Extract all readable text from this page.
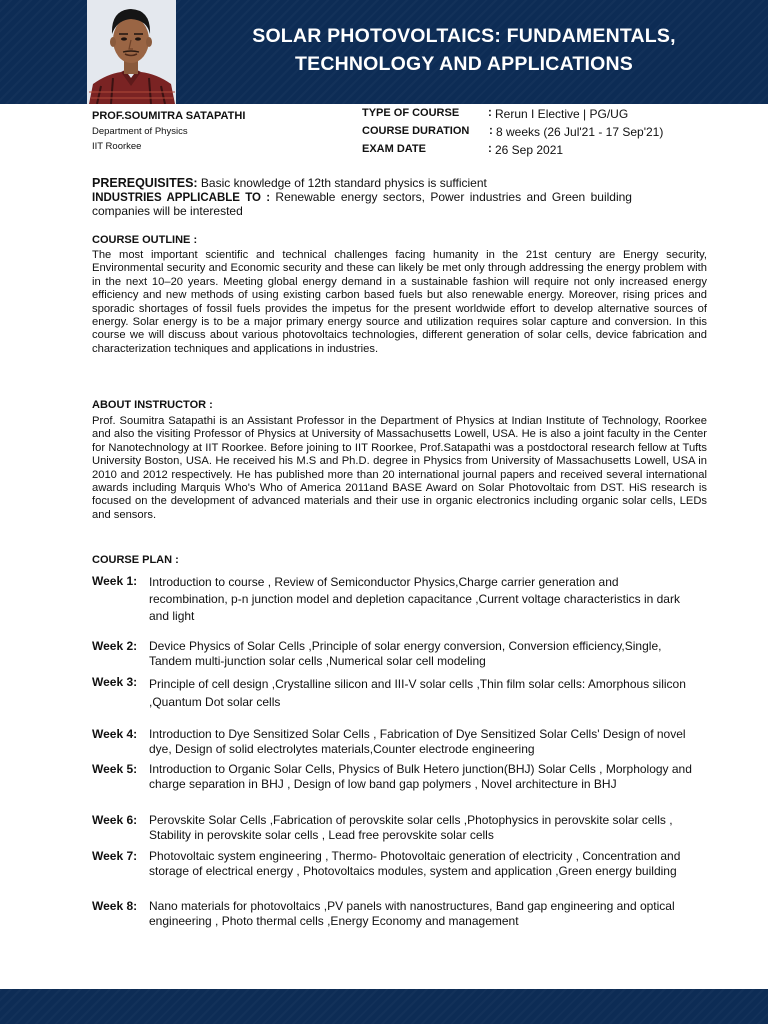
SOLAR PHOTOVOLTAICS: FUNDAMENTALS,
TECHNOLOGY AND APPLICATIONS
PROF.SOUMITRA SATAPATHI
Department of Physics
IIT Roorkee
TYPE OF COURSE	: Rerun I Elective | PG/UG
COURSE DURATION : 8 weeks (26 Jul'21 - 17 Sep'21)
EXAM DATE	: 26 Sep 2021
PREREQUISITES: Basic knowledge of 12th standard physics is sufficient
INDUSTRIES APPLICABLE TO : Renewable energy sectors, Power industries and Green building companies will be interested
COURSE OUTLINE :
The most important scientific and technical challenges facing humanity in the 21st century are Energy security, Environmental security and Economic security and these can likely be met only through addressing the energy problem with in the next 10–20 years. Meeting global energy demand in a sustainable fashion will require not only increased energy efficiency and new methods of using existing carbon based fuels but also renewable energy. Moreover, rising prices and sporadic shortages of fossil fuels provides the impetus for the present worldwide effort to develop alternative sources of energy. Solar energy is to be a major primary energy source and utilization requires solar capture and conversion. In this course we will discuss about various photovoltaics technologies, different generation of solar cells, device fabrication and characterization techniques and applications in industries.
ABOUT INSTRUCTOR :
Prof. Soumitra Satapathi is an Assistant Professor in the Department of Physics at Indian Institute of Technology, Roorkee and also the visiting Professor of Physics at University of Massachusetts Lowell, USA. He is also a joint faculty in the Center for Nanotechnology at IIT Roorkee. Before joining to IIT Roorkee, Prof.Satapathi was a postdoctoral research fellow at Tufts University Boston, USA. He received his M.S and Ph.D. degree in Physics from University of Massachusetts Lowell, USA in 2010 and 2012 respectively. He has published more than 20 international journal papers and received several international awards including Marquis Who's Who of America 2011and BASE Award on Solar Photovoltaic from DST. HiS research is focused on the development of advanced materials and their use in organic electronics including organic solar cells, LEDs and sensors.
COURSE PLAN :
Week 1: Introduction to course , Review of Semiconductor Physics,Charge carrier generation and recombination, p-n junction model and depletion capacitance ,Current voltage characteristics in dark and light
Week 2: Device Physics of Solar Cells ,Principle of solar energy conversion, Conversion efficiency,Single, Tandem multi-junction solar cells ,Numerical solar cell modeling
Week 3: Principle of cell design ,Crystalline silicon and III-V solar cells ,Thin film solar cells: Amorphous silicon ,Quantum Dot solar cells
Week 4: Introduction to Dye Sensitized Solar Cells , Fabrication of Dye Sensitized Solar Cells' Design of novel dye, Design of solid electrolytes materials,Counter electrode engineering
Week 5: Introduction to Organic Solar Cells, Physics of Bulk Hetero junction(BHJ) Solar Cells , Morphology and charge separation in BHJ , Design of low band gap polymers , Novel architecture in BHJ
Week 6: Perovskite Solar Cells ,Fabrication of perovskite solar cells ,Photophysics in perovskite solar cells , Stability in perovskite solar cells , Lead free perovskite solar cells
Week 7: Photovoltaic system engineering , Thermo- Photovoltaic generation of electricity , Concentration and storage of electrical energy , Photovoltaics modules, system and application ,Green energy building
Week 8: Nano materials for photovoltaics ,PV panels with nanostructures, Band gap engineering and optical engineering , Photo thermal cells ,Energy Economy and management
